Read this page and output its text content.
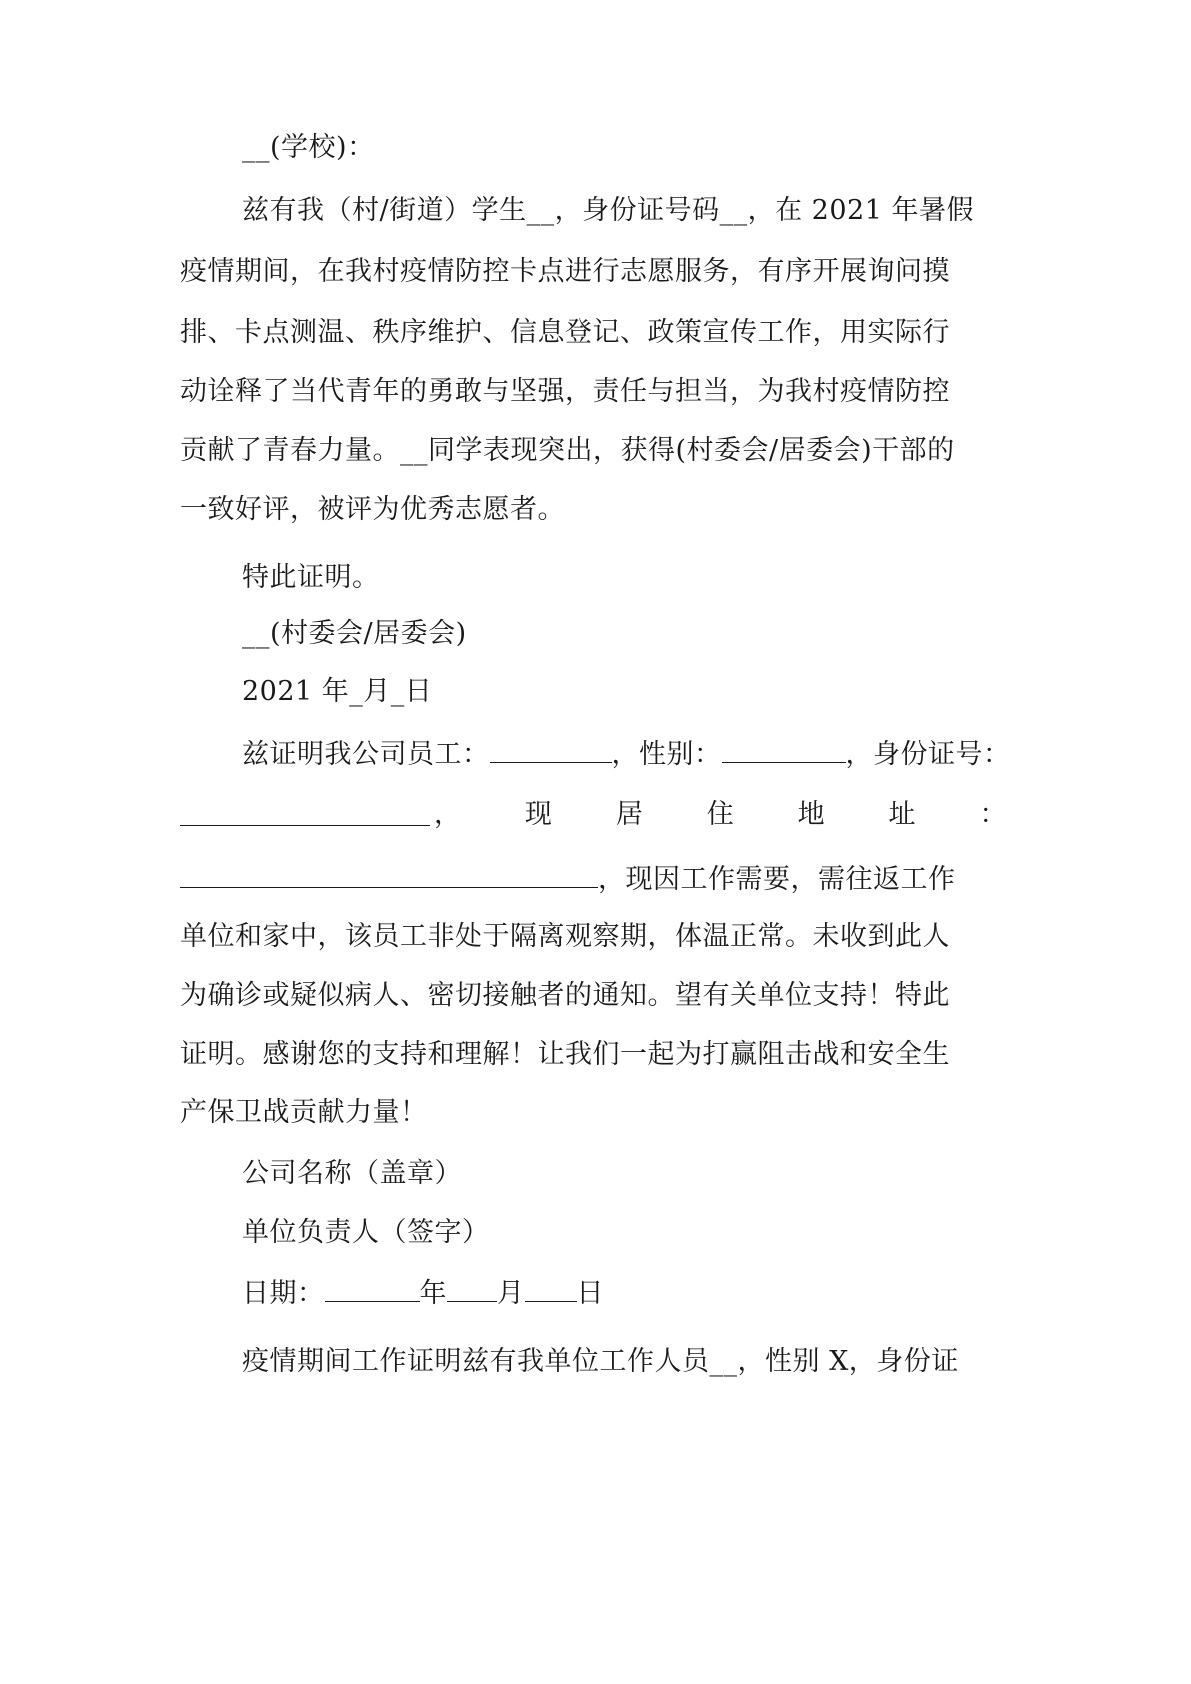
__(学校)：
兹有我（村/街道）学生__，身份证号码__，在 2021 年暑假
疫情期间，在我村疫情防控卡点进行志愿服务，有序开展询问摸
排、卡点测温、秩序维护、信息登记、政策宣传工作，用实际行
动诠释了当代青年的勇敢与坚强，责任与担当，为我村疫情防控
贡献了青春力量。__同学表现突出，获得(村委会/居委会)干部的
一致好评，被评为优秀志愿者。
特此证明。
__(村委会/居委会)
2021 年_月_日
兹证明我公司员工：	，性别：	，身份证号：
， 现 居 住 地 址 ：
，现因工作需要，需往返工作
单位和家中，该员工非处于隔离观察期，体温正常。未收到此人
为确诊或疑似病人、密切接触者的通知。望有关单位支持！特此
证明。感谢您的支持和理解！让我们一起为打赢阻击战和安全生
产保卫战贡献力量！
公司名称（盖章）
单位负责人（签字）
日期：	年 月 日
疫情期间工作证明兹有我单位工作人员__，性别 X，身份证
